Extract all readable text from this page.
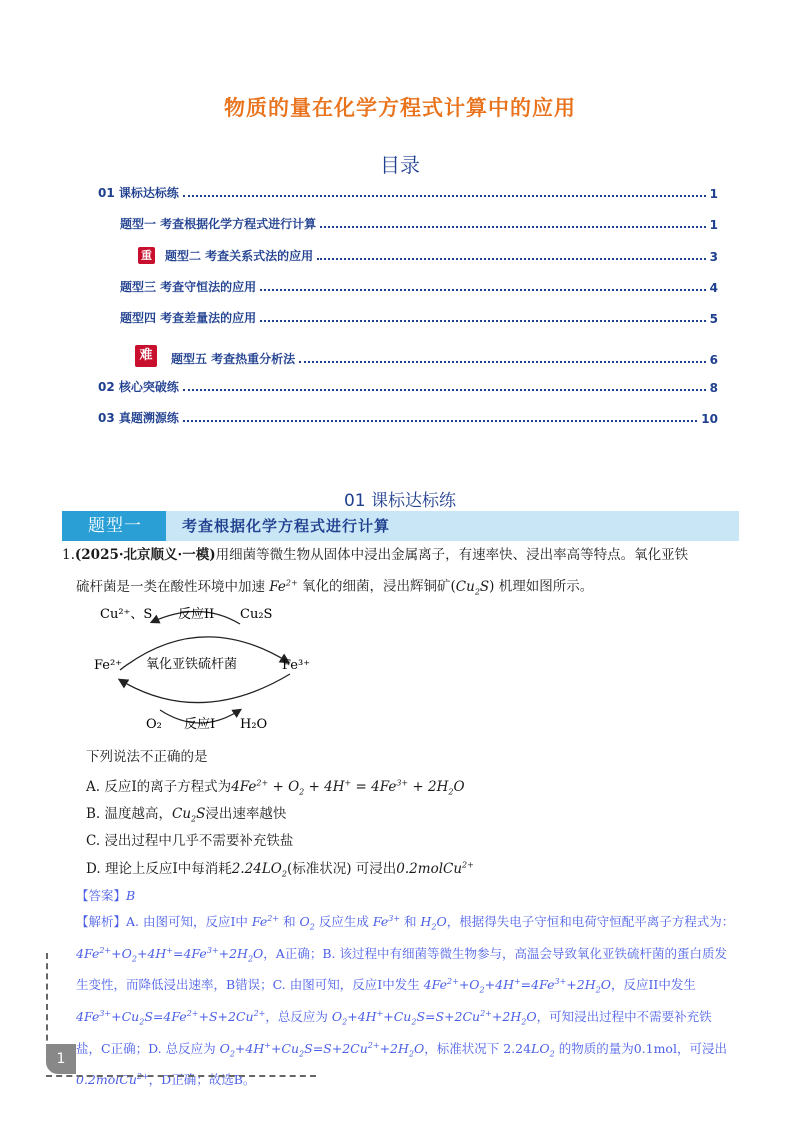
物质的量在化学方程式计算中的应用
目录
01 课标达标练	1
题型一 考查根据化学方程式进行计算	1
重 题型二 考查关系式法的应用	3
题型三 考查守恒法的应用	4
题型四 考查差量法的应用	5
难	题型五 考查热重分析法	6
02 核心突破练	8
03 真题溯源练	10
01 课标达标练
题型一	考查根据化学方程式进行计算
1.(2025·北京顺义·一模)用细菌等微生物从固体中浸出金属离子，有速率快、浸出率高等特点。氧化亚铁
硫杆菌是一类在酸性环境中加速 $Fe^{2+}$ 氧化的细菌，浸出辉铜矿$(Cu_2S)$ 机理如图所示。
Cu²⁺、S 反应II Cu₂S
Fe²⁺ 氧化亚铁硫杆菌	Fe³⁺
O₂ 反应I H₂O
下列说法不正确的是
A. 反应Ⅰ的离子方程式为$4Fe^{2+} + O_2 + 4H^+ = 4Fe^{3+} + 2H_2O$
B. 温度越高，$Cu_2S$浸出速率越快
C. 浸出过程中几乎不需要补充铁盐
D. 理论上反应Ⅰ中每消耗$2.24LO_2$(标准状况) 可浸出0.2molCu$^{2+}$
【答案】B
【解析】A. 由图可知，反应Ⅰ中 $Fe^{2+}$ 和 $O_2$ 反应生成 $Fe^{3+}$ 和 $H_2O$，根据得失电子守恒和电荷守恒配平离子方程式为：$4Fe^{2+}+O_2+4H^+=4Fe^{3+}+2H_2O$，A正确；B. 该过程中有细菌等微生物参与，高温会导致氧化亚铁硫杆菌的蛋白质发生变性，而降低浸出速率，B错误；C. 由图可知，反应I中发生 $4Fe^{2+}+O_2+4H^+=4Fe^{3+}+2H_2O$，反应II中发生 $4Fe^{3+}+Cu_2S=4Fe^{2+}+S+2Cu^{2+}$，总反应为 $O_2+4H^++Cu_2S=S+2Cu^{2+}+2H_2O$，可知浸出过程中不需要补充铁盐，C正确；D. 总反应为 $O_2+4H^++Cu_2S=S+2Cu^{2+}+2H_2O$，标准状况下 $2.24LO_2$ 的物质的量为0.1mol，可浸出 0.2molCu$^{2+}$，D正确；故选B。
1
